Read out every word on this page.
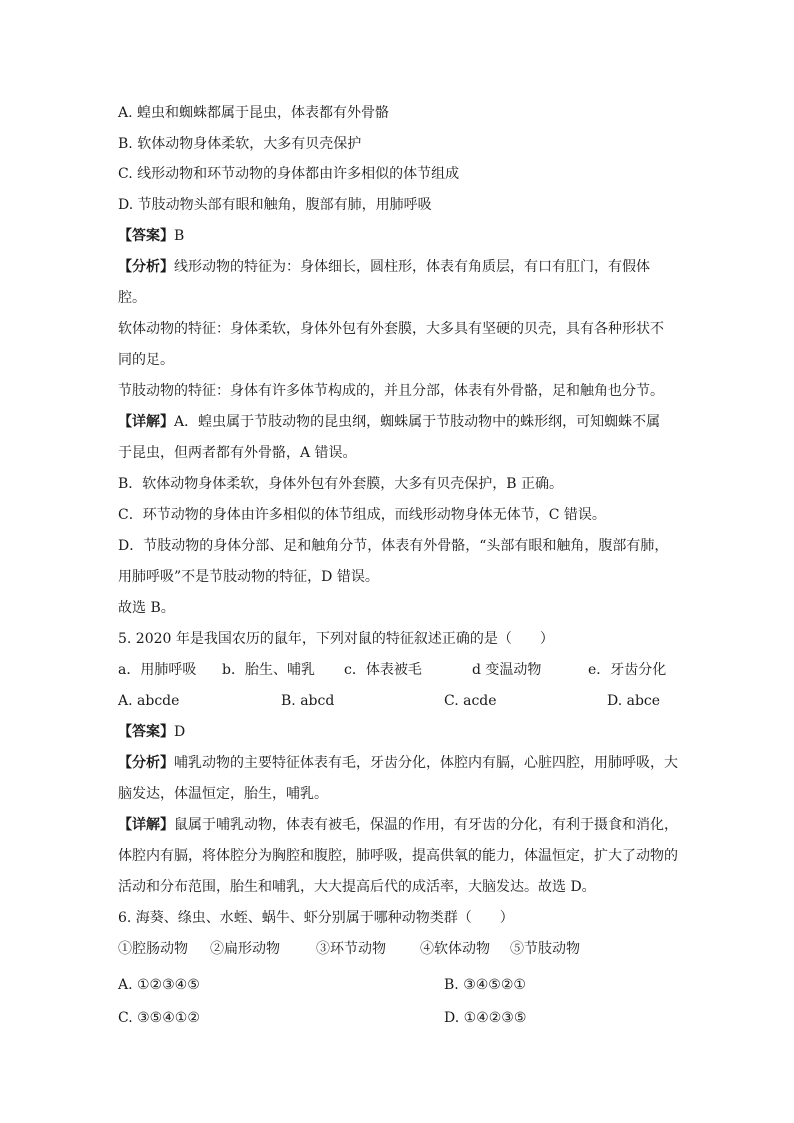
A. 蝗虫和蜘蛛都属于昆虫，体表都有外骨骼
B. 软体动物身体柔软，大多有贝壳保护
C. 线形动物和环节动物的身体都由许多相似的体节组成
D. 节肢动物头部有眼和触角，腹部有肺，用肺呼吸
【答案】B
【分析】线形动物的特征为：身体细长，圆柱形，体表有角质层，有口有肛门，有假体
腔。
软体动物的特征：身体柔软，身体外包有外套膜，大多具有坚硬的贝壳，具有各种形状不
同的足。
节肢动物的特征：身体有许多体节构成的，并且分部，体表有外骨骼，足和触角也分节。
【详解】A．蝗虫属于节肢动物的昆虫纲，蜘蛛属于节肢动物中的蛛形纲，可知蜘蛛不属
于昆虫，但两者都有外骨骼，A 错误。
B．软体动物身体柔软，身体外包有外套膜，大多有贝壳保护，B 正确。
C．环节动物的身体由许多相似的体节组成，而线形动物身体无体节，C 错误。
D．节肢动物的身体分部、足和触角分节，体表有外骨骼，“头部有眼和触角，腹部有肺，
用肺呼吸”不是节肢动物的特征，D 错误。
故选 B。
5. 2020 年是我国农历的鼠年，下列对鼠的特征叙述正确的是（　　）
a．用肺呼吸 b．胎生、哺乳 c．体表被毛	d 变温动物	e．牙齿分化
A. abcde	B. abcd	C. acde	D. abce
【答案】D
【分析】哺乳动物的主要特征体表有毛，牙齿分化，体腔内有膈，心脏四腔，用肺呼吸，大
脑发达，体温恒定，胎生，哺乳。
【详解】鼠属于哺乳动物，体表有被毛，保温的作用，有牙齿的分化，有利于摄食和消化，
体腔内有膈，将体腔分为胸腔和腹腔，肺呼吸，提高供氧的能力，体温恒定，扩大了动物的
活动和分布范围，胎生和哺乳，大大提高后代的成活率，大脑发达。故选 D。
6. 海葵、绦虫、水蛭、蜗牛、虾分别属于哪种动物类群（　　）
①腔肠动物 ②扁形动物	③环节动物 ④软体动物 ⑤节肢动物
A. ①②③④⑤	B. ③④⑤②①
C. ③⑤④①②	D. ①④②③⑤
